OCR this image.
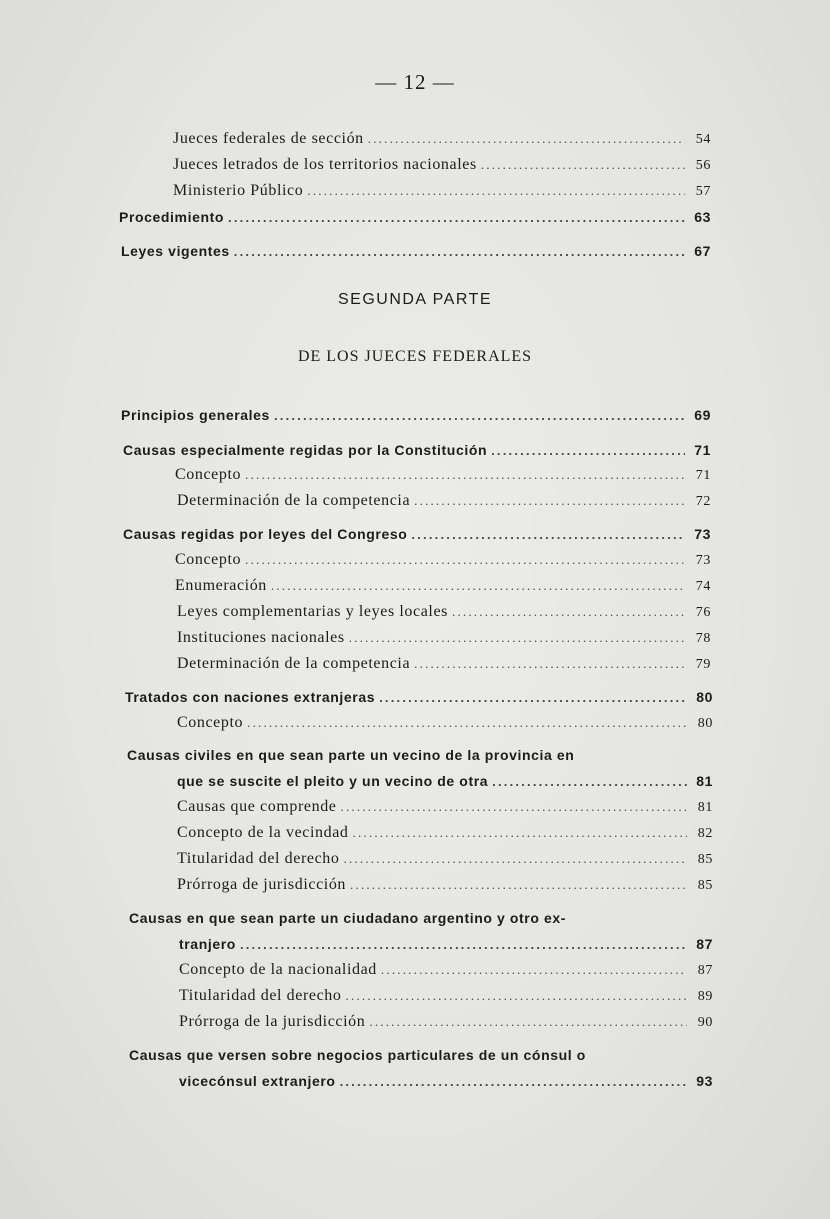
— 12 —
Jueces federales de sección .....	54
Jueces letrados de los territorios nacionales .....	56
Ministerio Público .....	57
Procedimiento .....	63
Leyes vigentes .....	67
SEGUNDA PARTE
DE LOS JUECES FEDERALES
Principios generales .....	69
Causas especialmente regidas por la Constitución .....	71
Concepto .....	71
Determinación de la competencia .....	72
Causas regidas por leyes del Congreso .....	73
Concepto .....	73
Enumeración .....	74
Leyes complementarias y leyes locales .....	76
Instituciones nacionales .....	78
Determinación de la competencia .....	79
Tratados con naciones extranjeras .....	80
Concepto .....	80
Causas civiles en que sean parte un vecino de la provincia en
que se suscite el pleito y un vecino de otra .....	81
Causas que comprende .....	81
Concepto de la vecindad .....	82
Titularidad del derecho .....	85
Prórroga de jurisdicción .....	85
Causas en que sean parte un ciudadano argentino y otro ex-
tranjero .....	87
Concepto de la nacionalidad .....	87
Titularidad del derecho .....	89
Prórroga de la jurisdicción .....	90
Causas que versen sobre negocios particulares de un cónsul o
vicecónsul extranjero .....	93
